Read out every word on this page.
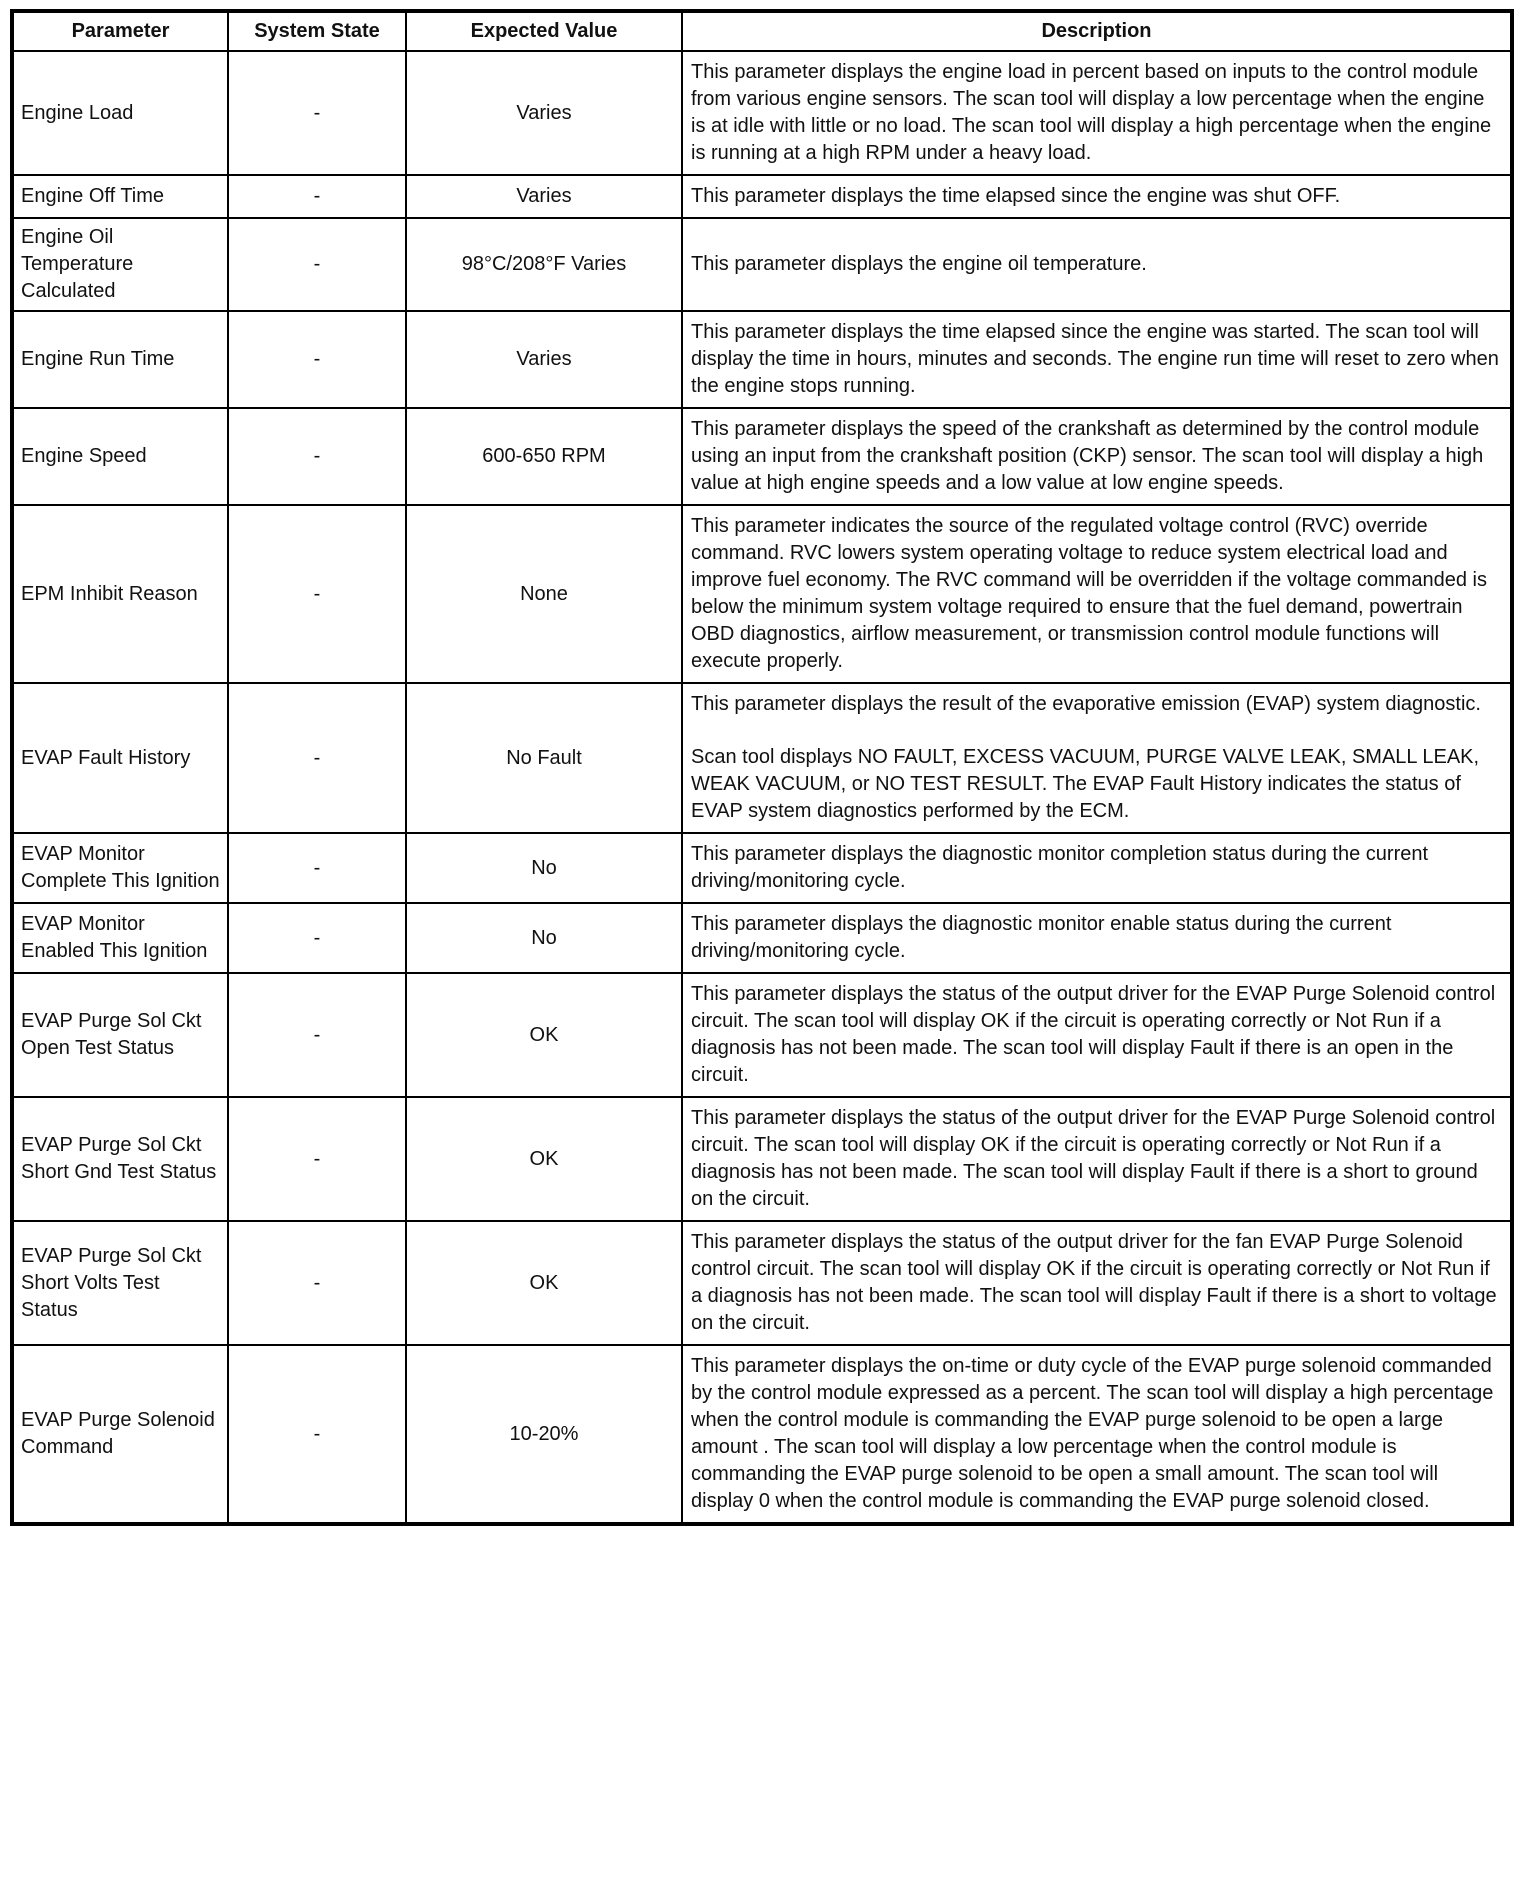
Parameter	System State	Expected Value	Description
Engine Load	-	Varies	This parameter displays the engine load in percent based on inputs to the control module from various engine sensors. The scan tool will display a low percentage when the engine is at idle with little or no load. The scan tool will display a high percentage when the engine is running at a high RPM under a heavy load.

Engine Off Time	-	Varies	This parameter displays the time elapsed since the engine was shut OFF.

Engine Oil Temperature Calculated	-	98°C/208°F Varies	This parameter displays the engine oil temperature.

Engine Run Time	-	Varies	This parameter displays the time elapsed since the engine was started. The scan tool will display the time in hours, minutes and seconds. The engine run time will reset to zero when the engine stops running.

Engine Speed	-	600-650 RPM	This parameter displays the speed of the crankshaft as determined by the control module using an input from the crankshaft position (CKP) sensor. The scan tool will display a high value at high engine speeds and a low value at low engine speeds.

EPM Inhibit Reason	-	None	This parameter indicates the source of the regulated voltage control (RVC) override command. RVC lowers system operating voltage to reduce system electrical load and improve fuel economy. The RVC command will be overridden if the voltage commanded is below the minimum system voltage required to ensure that the fuel demand, powertrain OBD diagnostics, airflow measurement, or transmission control module functions will execute properly.

EVAP Fault History	-	No Fault	This parameter displays the result of the evaporative emission (EVAP) system diagnostic.

Scan tool displays NO FAULT, EXCESS VACUUM, PURGE VALVE LEAK, SMALL LEAK, WEAK VACUUM, or NO TEST RESULT. The EVAP Fault History indicates the status of EVAP system diagnostics performed by the ECM.

EVAP Monitor Complete This Ignition	-	No	This parameter displays the diagnostic monitor completion status during the current driving/monitoring cycle.

EVAP Monitor Enabled This Ignition	-	No	This parameter displays the diagnostic monitor enable status during the current driving/monitoring cycle.

EVAP Purge Sol Ckt Open Test Status	-	OK	This parameter displays the status of the output driver for the EVAP Purge Solenoid control circuit. The scan tool will display OK if the circuit is operating correctly or Not Run if a diagnosis has not been made. The scan tool will display Fault if there is an open in the circuit.

EVAP Purge Sol Ckt Short Gnd Test Status	-	OK	This parameter displays the status of the output driver for the EVAP Purge Solenoid control circuit. The scan tool will display OK if the circuit is operating correctly or Not Run if a diagnosis has not been made. The scan tool will display Fault if there is a short to ground on the circuit.

EVAP Purge Sol Ckt Short Volts Test Status	-	OK	This parameter displays the status of the output driver for the fan EVAP Purge Solenoid control circuit. The scan tool will display OK if the circuit is operating correctly or Not Run if a diagnosis has not been made. The scan tool will display Fault if there is a short to voltage on the circuit.

EVAP Purge Solenoid Command	-	10-20%	This parameter displays the on-time or duty cycle of the EVAP purge solenoid commanded by the control module expressed as a percent. The scan tool will display a high percentage when the control module is commanding the EVAP purge solenoid to be open a large amount . The scan tool will display a low percentage when the control module is commanding the EVAP purge solenoid to be open a small amount. The scan tool will display 0 when the control module is commanding the EVAP purge solenoid closed.
